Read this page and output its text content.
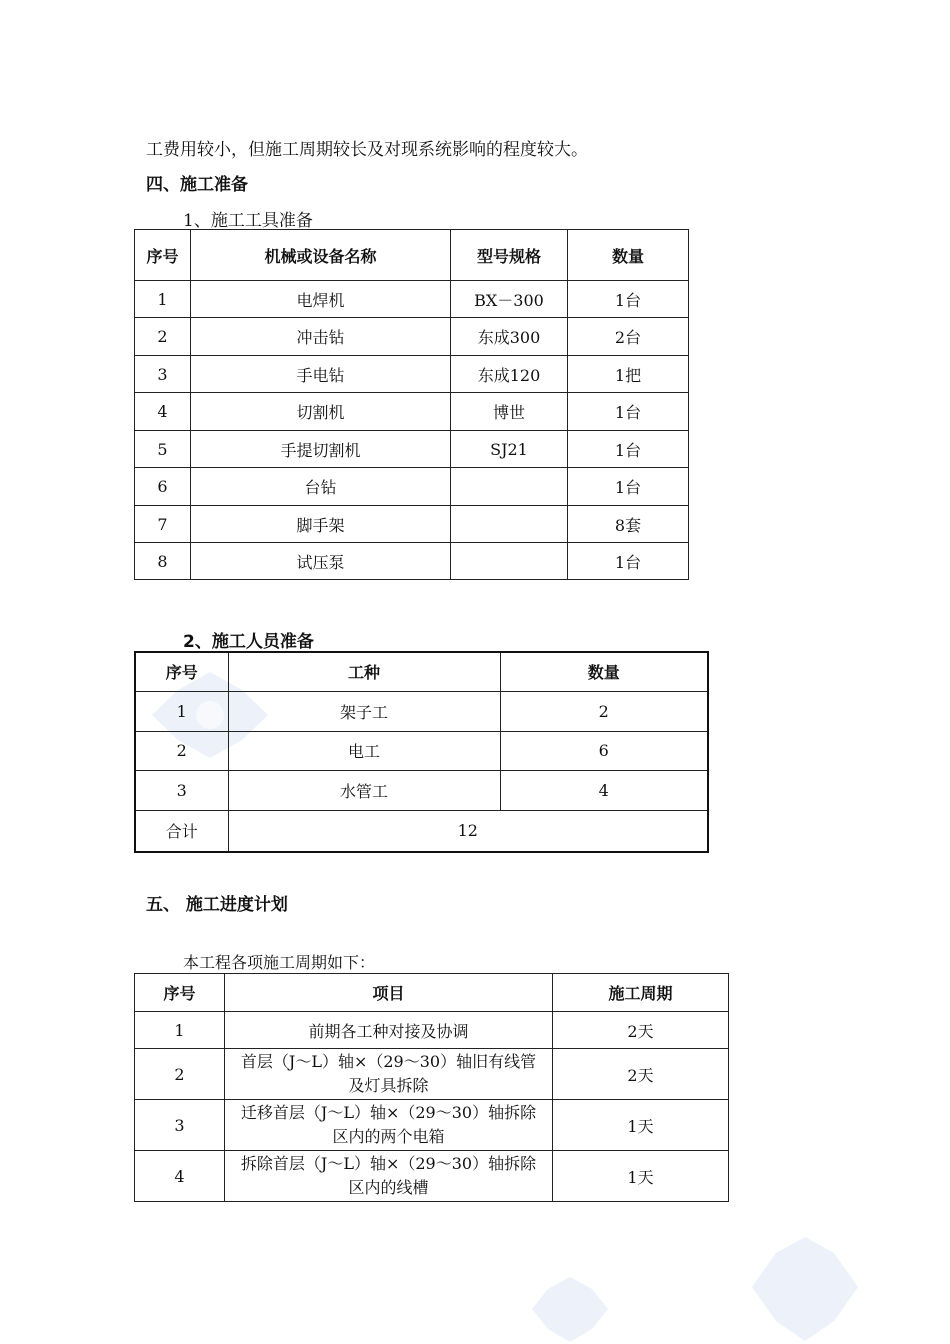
工费用较小，但施工周期较长及对现系统影响的程度较大。
四、施工准备
1、施工工具准备
序号	机械或设备名称	型号规格	数量
1	电焊机	BX－300	1台
2	冲击钻	东成300	2台
3	手电钻	东成120	1把
4	切割机	博世	1台
5	手提切割机	SJ21	1台
6	台钻		1台
7	脚手架		8套
8	试压泵		1台
2、施工人员准备
序号	工种	数量
1	架子工	2
2	电工	6
3	水管工	4
合计	12	
五、 施工进度计划
本工程各项施工周期如下：
序号	项目	施工周期
1	前期各工种对接及协调	2天
2	首层（J～L）轴×（29～30）轴旧有线管及灯具拆除	2天
3	迁移首层（J～L）轴×（29～30）轴拆除区内的两个电箱	1天
4	拆除首层（J～L）轴×（29～30）轴拆除区内的线槽	1天
